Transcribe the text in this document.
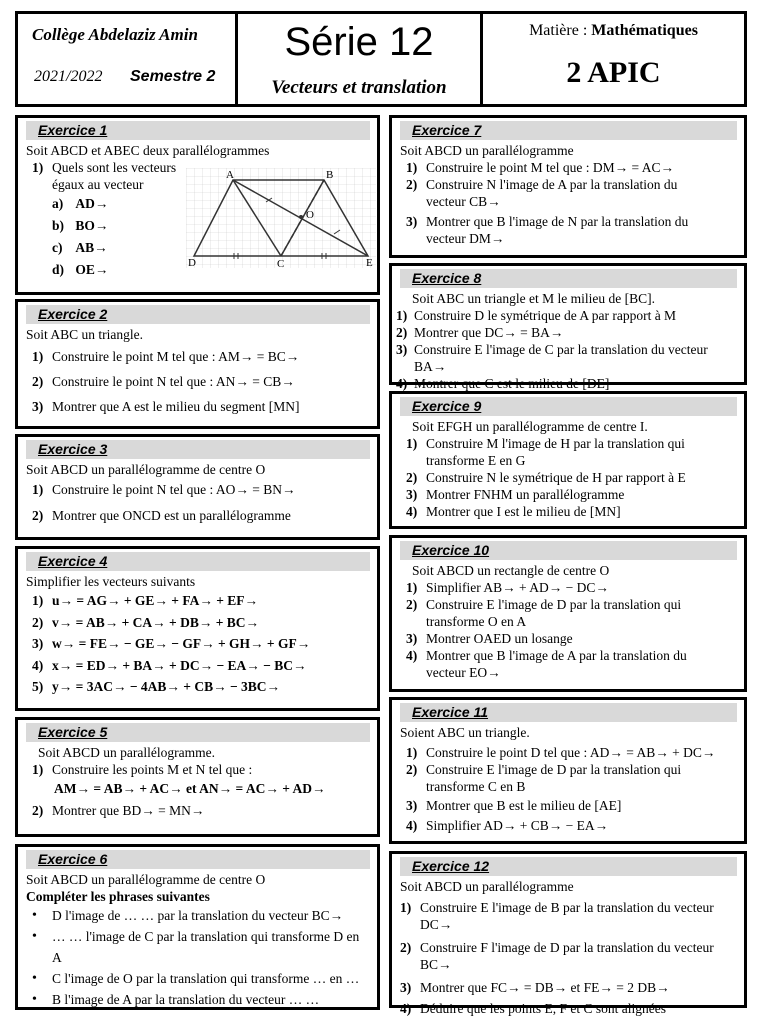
Collège Abdelaziz Amin
2021/2022 Semestre 2
Série 12
Vecteurs et translation
Matière : Mathématiques
2 APIC
Exercice 1
Soit ABCD et ABEC deux parallélogrammes
1) Quels sont les vecteurs
égaux au vecteur
a) AD→
b) BO→
c) AB→
d) OE→
A	B
O
D	C	E
Exercice 2
Soit ABC un triangle.
1) Construire le point M tel que : AM→ = BC→
2) Construire le point N tel que : AN→ = CB→
3) Montrer que A est le milieu du segment [MN]
Exercice 3
Soit ABCD un parallélogramme de centre O
1) Construire le point N tel que : AO→ = BN→
2) Montrer que ONCD est un parallélogramme
Exercice 4
Simplifier les vecteurs suivants
1) u→ = AG→ + GE→ + FA→ + EF→
2) v→ = AB→ + CA→ + DB→ + BC→
3) w→ = FE→ − GE→ − GF→ + GH→ + GF→
4) x→ = ED→ + BA→ + DC→ − EA→ − BC→
5) y→ = 3AC→ − 4AB→ + CB→ − 3BC→
Exercice 5
Soit ABCD un parallélogramme.
1) Construire les points M et N tel que :
AM→ = AB→ + AC→ et AN→ = AC→ + AD→
2) Montrer que BD→ = MN→
Exercice 6
Soit ABCD un parallélogramme de centre O
Compléter les phrases suivantes
• D l'image de … … par la translation du vecteur BC→
• … … l'image de C par la translation qui transforme D en A
• C l'image de O par la translation qui transforme … en …
• B l'image de A par la translation du vecteur … …
Exercice 7
Soit ABCD un parallélogramme
1) Construire le point M tel que : DM→ = AC→
2) Construire N l'image de A par la translation du
vecteur CB→
3) Montrer que B l'image de N par la translation du
vecteur DM→
Exercice 8
Soit ABC un triangle et M le milieu de [BC].
1) Construire D le symétrique de A par rapport à M
2) Montrer que DC→ = BA→
3) Construire E l'image de C par la translation du vecteur BA→
4) Montrer que C est le milieu de [DE]
Exercice 9
Soit EFGH un parallélogramme de centre I.
1) Construire M l'image de H par la translation qui
transforme E en G
2) Construire N le symétrique de H par rapport à E
3) Montrer FNHM un parallélogramme
4) Montrer que I est le milieu de [MN]
Exercice 10
Soit ABCD un rectangle de centre O
1) Simplifier AB→ + AD→ − DC→
2) Construire E l'image de D par la translation qui
transforme O en A
3) Montrer OAED un losange
4) Montrer que B l'image de A par la translation du
vecteur EO→
Exercice 11
Soient ABC un triangle.
1) Construire le point D tel que : AD→ = AB→ + DC→
2) Construire E l'image de D par la translation qui
transforme C en B
3) Montrer que B est le milieu de [AE]
4) Simplifier AD→ + CB→ − EA→
Exercice 12
Soit ABCD un parallélogramme
1) Construire E l'image de B par la translation du vecteur DC→
2) Construire F l'image de D par la translation du vecteur BC→
3) Montrer que FC→ = DB→ et FE→ = 2 DB→
4) Déduire que les points E, F et C sont alignées
